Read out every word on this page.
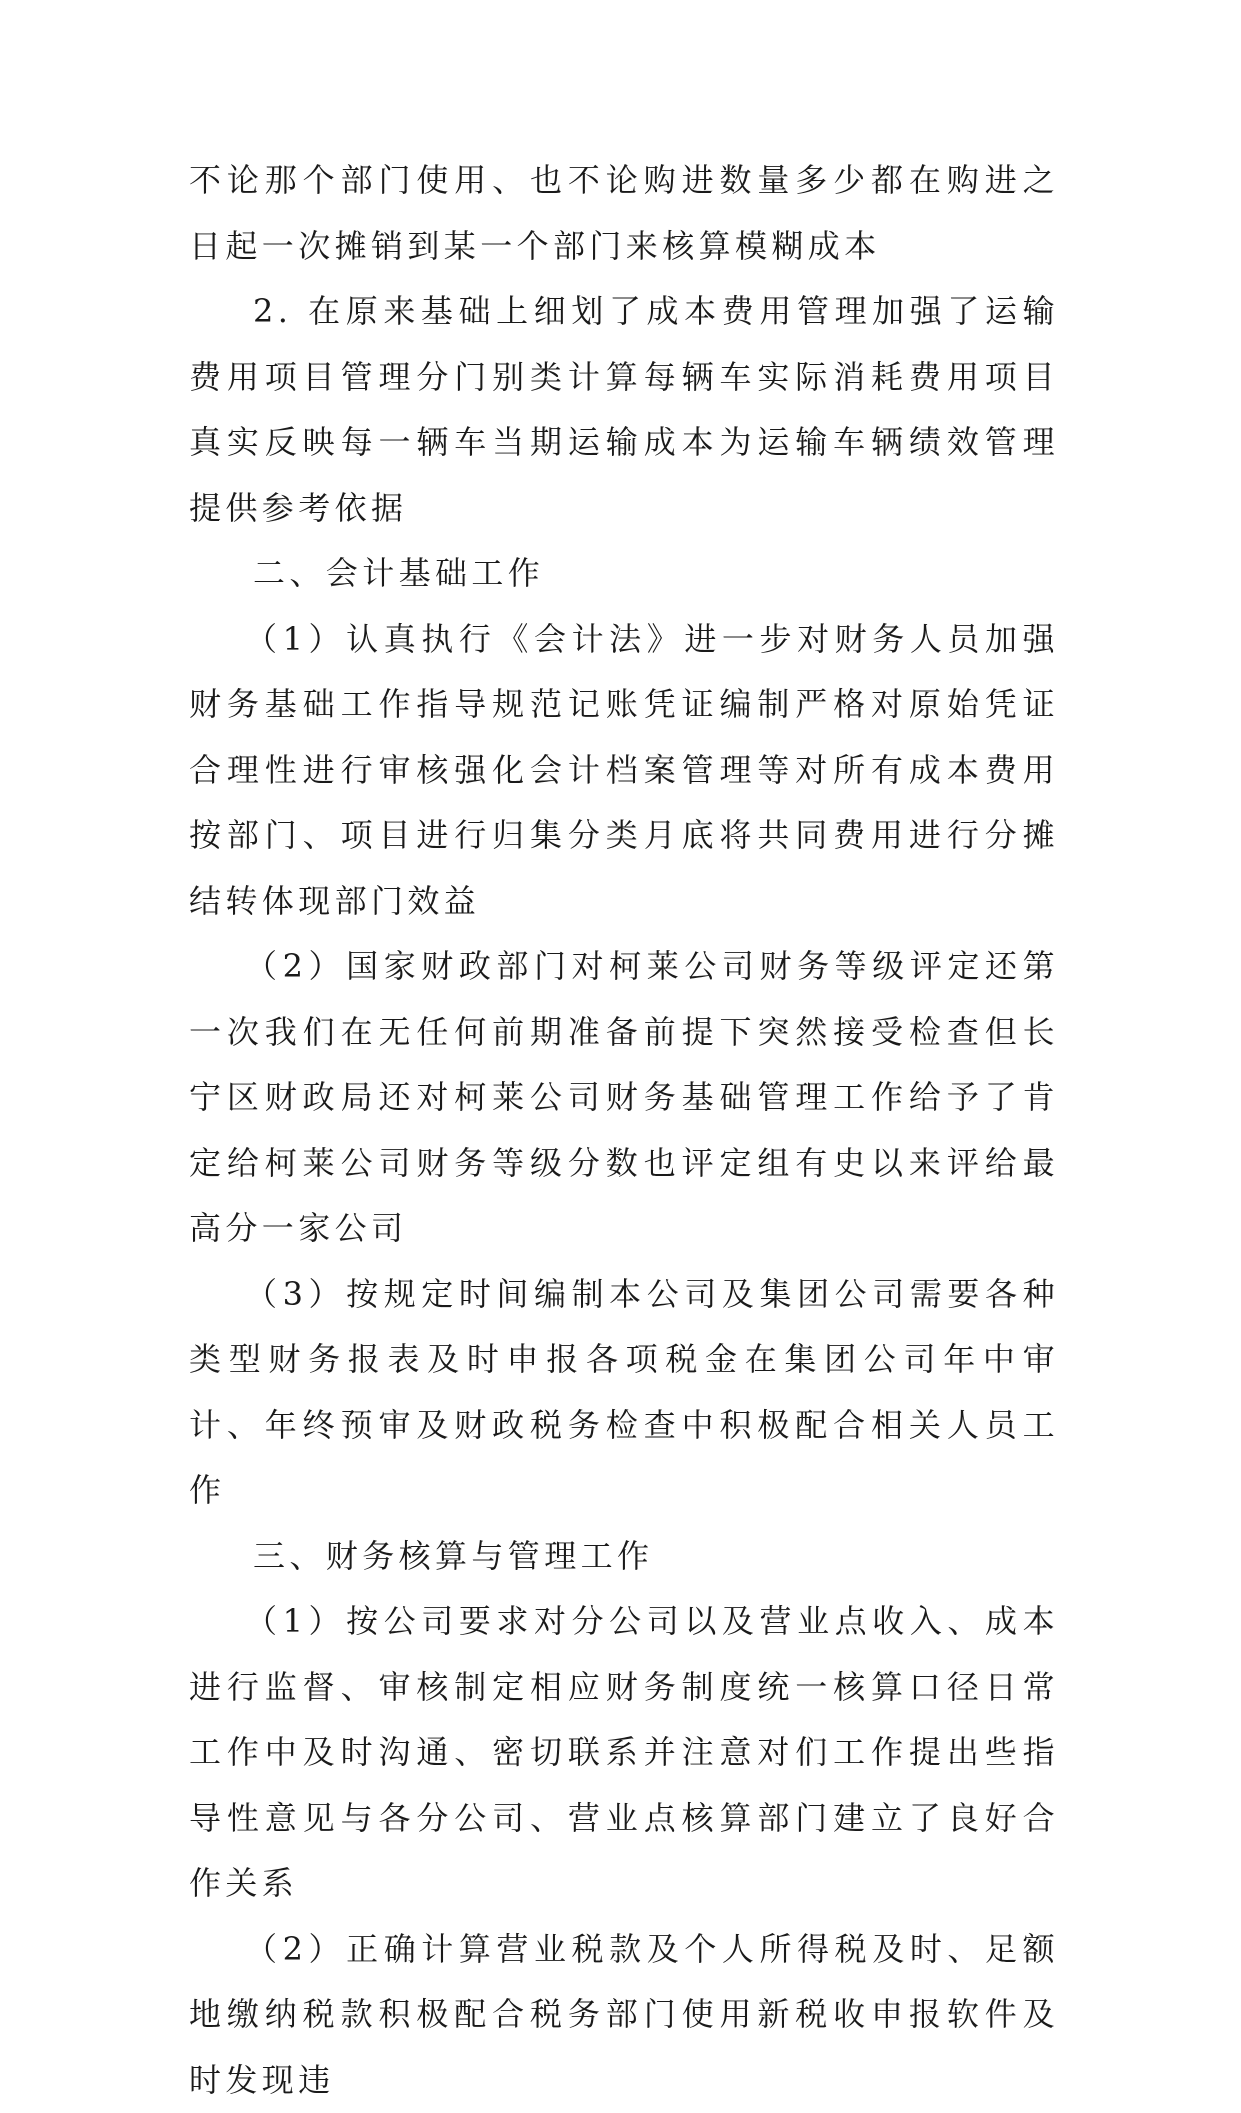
不论那个部门使用、也不论购进数量多少都在购进之日起一次摊销到某一个部门来核算模糊成本

2. 在原来基础上细划了成本费用管理加强了运输费用项目管理分门别类计算每辆车实际消耗费用项目真实反映每一辆车当期运输成本为运输车辆绩效管理提供参考依据

二、会计基础工作

（1）认真执行《会计法》进一步对财务人员加强财务基础工作指导规范记账凭证编制严格对原始凭证合理性进行审核强化会计档案管理等对所有成本费用按部门、项目进行归集分类月底将共同费用进行分摊结转体现部门效益

（2）国家财政部门对柯莱公司财务等级评定还第一次我们在无任何前期准备前提下突然接受检查但长宁区财政局还对柯莱公司财务基础管理工作给予了肯定给柯莱公司财务等级分数也评定组有史以来评给最高分一家公司

（3）按规定时间编制本公司及集团公司需要各种类型财务报表及时申报各项税金在集团公司年中审计、年终预审及财政税务检查中积极配合相关人员工作

三、财务核算与管理工作

（1）按公司要求对分公司以及营业点收入、成本进行监督、审核制定相应财务制度统一核算口径日常工作中及时沟通、密切联系并注意对们工作提出些指导性意见与各分公司、营业点核算部门建立了良好合作关系

（2）正确计算营业税款及个人所得税及时、足额地缴纳税款积极配合税务部门使用新税收申报软件及时发现违
